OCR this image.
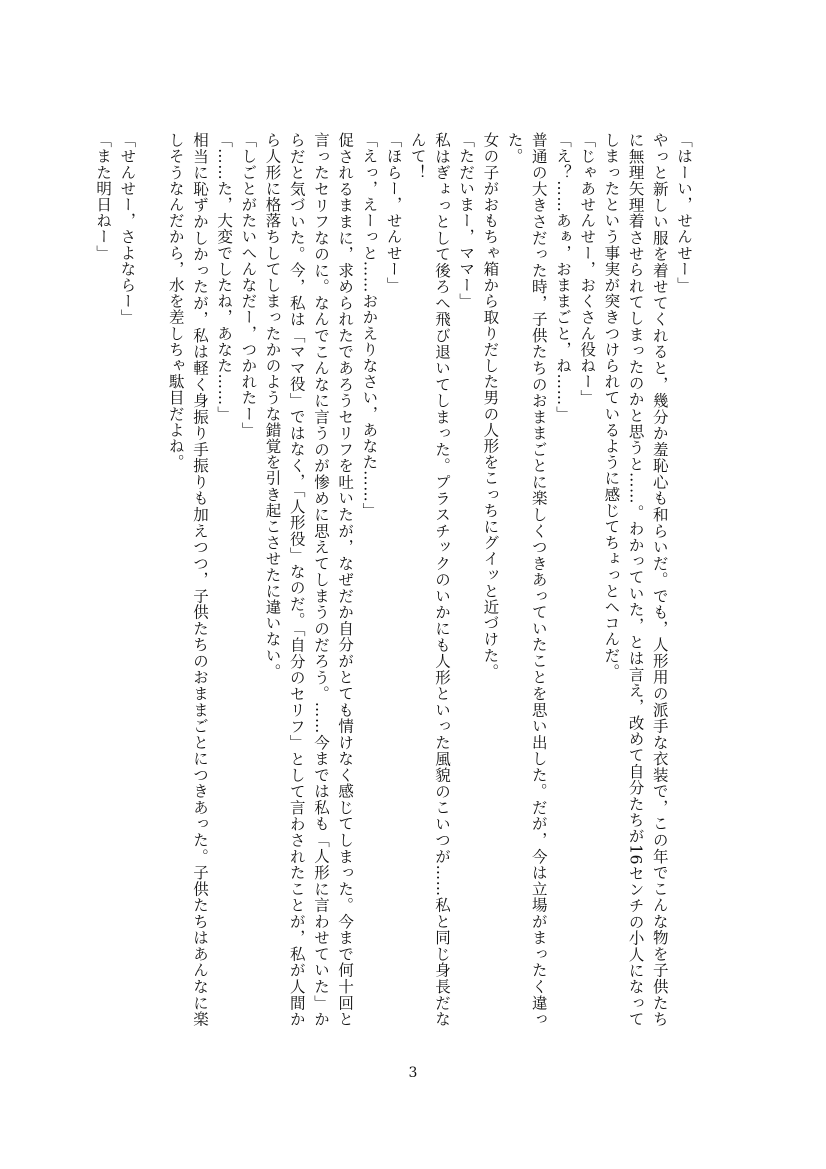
「はーい，せんせー」

やっと新しい服を着せてくれると，幾分か羞恥心も和らいだ。でも，人形用の派手な衣装で，この年でこんな物を子供たちに無理矢理着させられてしまったのかと思うと……。わかっていた，とは言え，改めて自分たちが16センチの小人になってしまったという事実が突きつけられているように感じてちょっとヘコんだ。

「じゃあせんせー，おくさん役ねー」

「え？……あぁ，おままごと，ね……」

普通の大きさだった時，子供たちのおままごとに楽しくつきあっていたことを思い出した。だが，今は立場がまったく違った。

女の子がおもちゃ箱から取りだした男の人形をこっちにグイッと近づけた。

「ただいまー，ママー」

私はぎょっとして後ろへ飛び退いてしまった。プラスチックのいかにも人形といった風貌のこいつが……私と同じ身長だなんて！

「ほらー，せんせー」

「えっ，えーっと……おかえりなさい，あなた……」

促されるままに，求められたであろうセリフを吐いたが，なぜだか自分がとても情けなく感じてしまった。今まで何十回と言ったセリフなのに。なんでこんなに言うのが惨めに思えてしまうのだろう。……今までは私も「人形に言わせていた」からだと気づいた。今，私は「ママ役」ではなく，「人形役」なのだ。「自分のセリフ」として言わされたことが，私が人間から人形に格落ちしてしまったかのような錯覚を引き起こさせたに違いない。

「しごとがたいへんなだー，つかれたー」

「……た，大変でしたね，あなた……」

相当に恥ずかしかったが，私は軽く身振り手振りも加えつつ，子供たちのおままごとにつきあった。子供たちはあんなに楽しそうなんだから，水を差しちゃ駄目だよね。

「せんせー，さよならー」

「また明日ねー」

3
